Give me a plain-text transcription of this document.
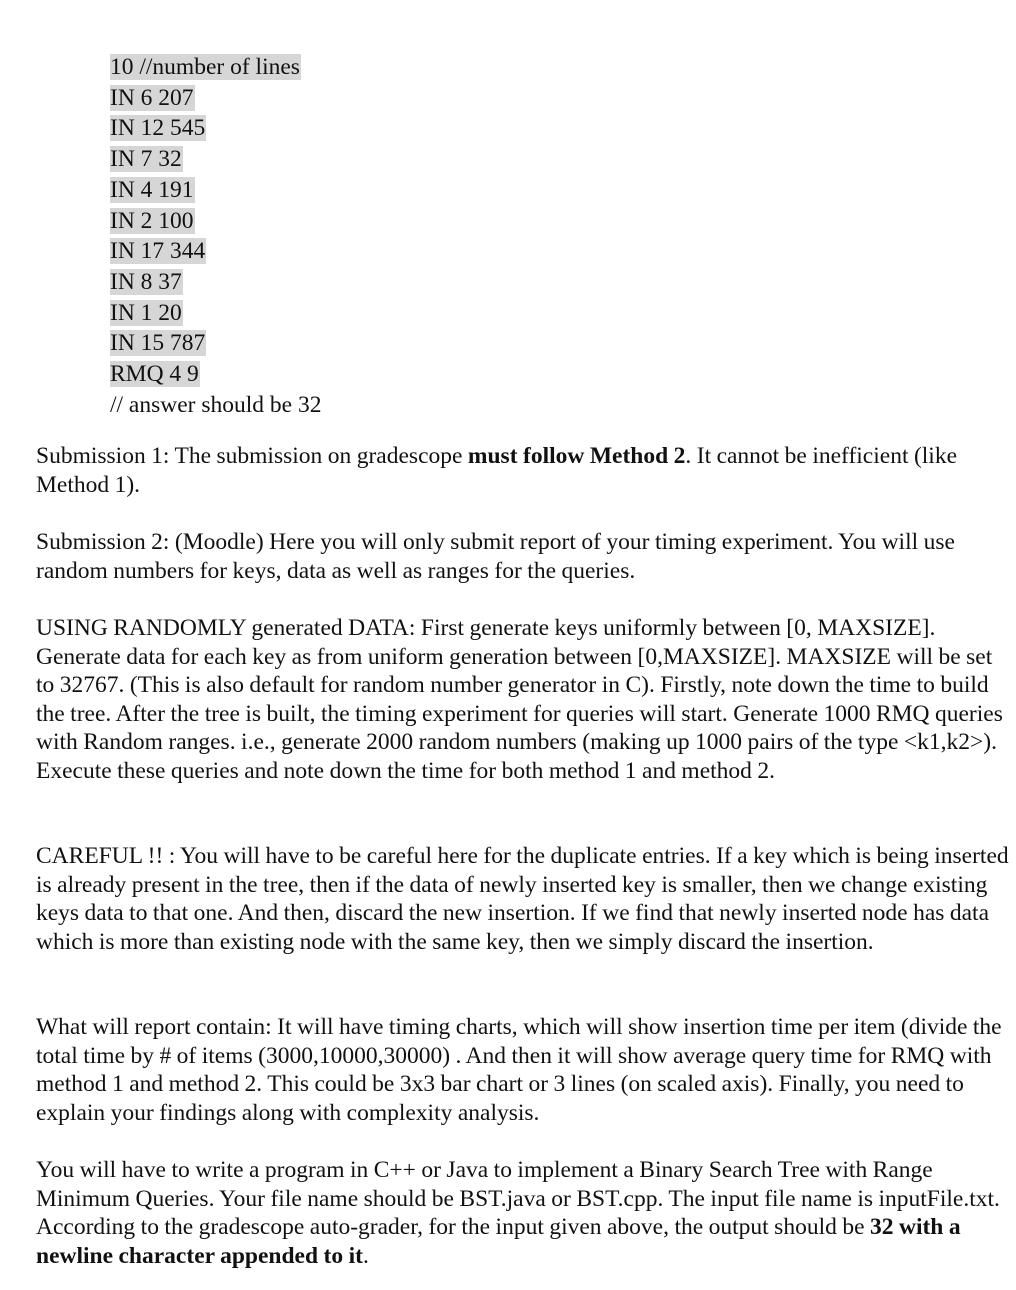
10 //number of lines
IN 6 207
IN 12 545
IN 7 32
IN 4 191
IN 2 100
IN 17 344
IN 8 37
IN 1 20
IN 15 787
RMQ 4 9
// answer should be 32

Submission 1: The submission on gradescope must follow Method 2. It cannot be inefficient (like Method 1).

Submission 2: (Moodle) Here you will only submit report of your timing experiment. You will use random numbers for keys, data as well as ranges for the queries.

USING RANDOMLY generated DATA: First generate keys uniformly between [0, MAXSIZE]. Generate data for each key as from uniform generation between [0,MAXSIZE]. MAXSIZE will be set to 32767. (This is also default for random number generator in C). Firstly, note down the time to build the tree. After the tree is built, the timing experiment for queries will start. Generate 1000 RMQ queries with Random ranges. i.e., generate 2000 random numbers (making up 1000 pairs of the type <k1,k2>). Execute these queries and note down the time for both method 1 and method 2.

CAREFUL !! : You will have to be careful here for the duplicate entries. If a key which is being inserted is already present in the tree, then if the data of newly inserted key is smaller, then we change existing keys data to that one. And then, discard the new insertion. If we find that newly inserted node has data which is more than existing node with the same key, then we simply discard the insertion.

What will report contain: It will have timing charts, which will show insertion time per item (divide the total time by # of items (3000,10000,30000) . And then it will show average query time for RMQ with method 1 and method 2. This could be 3x3 bar chart or 3 lines (on scaled axis). Finally, you need to explain your findings along with complexity analysis.

You will have to write a program in C++ or Java to implement a Binary Search Tree with Range Minimum Queries. Your file name should be BST.java or BST.cpp. The input file name is inputFile.txt. According to the gradescope auto-grader, for the input given above, the output should be 32 with a newline character appended to it.
